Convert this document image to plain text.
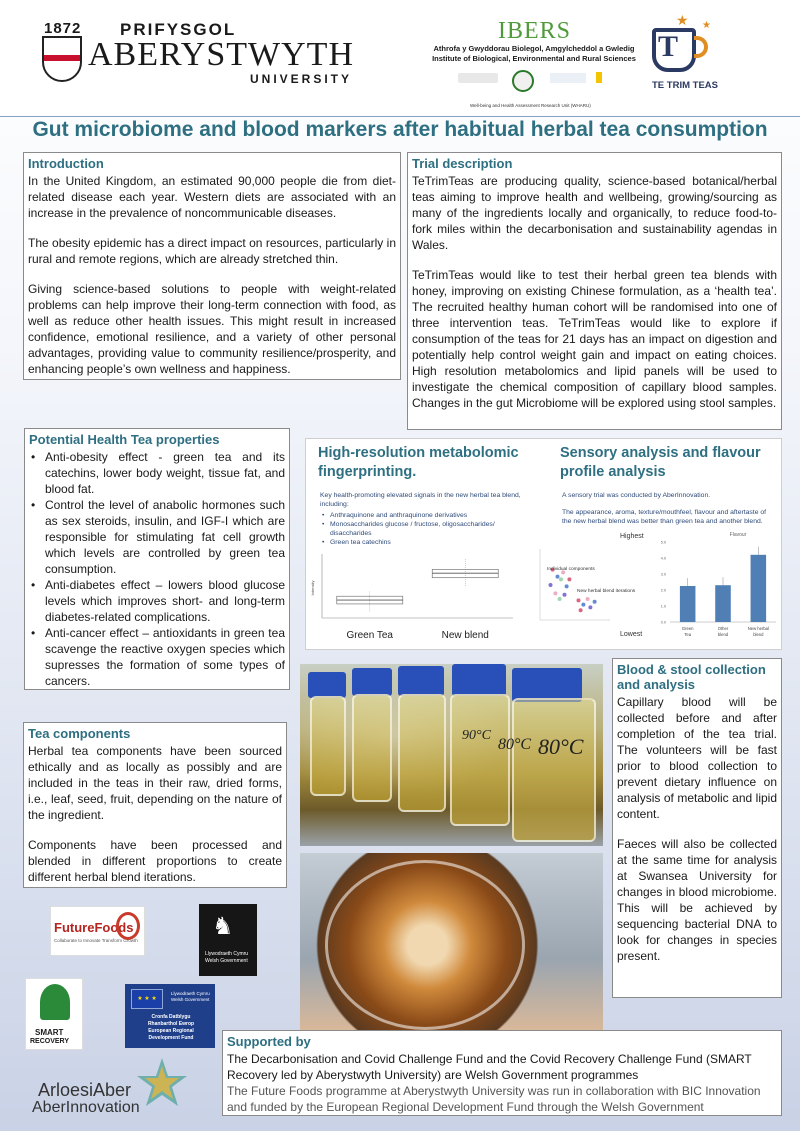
1872 PRIFYSGOL
ABERYSTWYTH
UNIVERSITY
IBERS
Athrofa y Gwyddorau Biolegol, Amgylcheddol a Gwledig
Institute of Biological, Environmental and Rural Sciences
Well-being and Health Assessment Research Unit (WHARU)
T
★ ★
TE TRIM TEAS
Gut microbiome and blood markers after habitual herbal tea consumption
Introduction

In the United Kingdom, an estimated 90,000 people die from diet-related disease each year. Western diets are associated with an increase in the prevalence of noncommunicable diseases.

The obesity epidemic has a direct impact on resources, particularly in rural and remote regions, which are already stretched thin.

Giving science-based solutions to people with weight-related problems can help improve their long-term connection with food, as well as reduce other health issues. This might result in increased confidence, emotional resilience, and a variety of other personal advantages, providing value to community resilience/prosperity, and enhancing people’s own wellness and happiness.

Trial description

TeTrimTeas are producing quality, science-based botanical/herbal teas aiming to improve health and wellbeing, growing/sourcing as many of the ingredients locally and organically, to reduce food-to-fork miles within the decarbonisation and sustainability agendas in Wales.

TeTrimTeas would like to test their herbal green tea blends with honey, improving on existing Chinese formulation, as a ‘health tea’. The recruited healthy human cohort will be randomised into one of three intervention teas. TeTrimTeas would like to explore if consumption of the teas for 21 days has an impact on digestion and potentially help control weight gain and impact on eating choices. High resolution metabolomics and lipid panels will be used to investigate the chemical composition of capillary blood samples. Changes in the gut Microbiome will be explored using stool samples.

Potential Health Tea properties
• Anti-obesity effect - green tea and its catechins, lower body weight, tissue fat, and blood fat.
• Control the level of anabolic hormones such as sex steroids, insulin, and IGF-I which are responsible for stimulating fat cell growth which levels are controlled by green tea consumption.
• Anti-diabetes effect – lowers blood glucose levels which improves short- and long-term diabetes-related complications.
• Anti-cancer effect – antioxidants in green tea scavenge the reactive oxygen species which supresses the formation of some types of cancers.
Tea components

Herbal tea components have been sourced ethically and as locally as possibly and are included in the teas in their raw, dried forms, i.e., leaf, seed, fruit, depending on the nature of the ingredient.

Components have been processed and blended in different proportions to create different herbal blend iterations.

High-resolution metabolomic fingerprinting.
Sensory analysis and flavour profile analysis
Key health-promoting elevated signals in the new herbal tea blend, including:
• Anthraquinone and anthraquinone derivatives
• Monosaccharides glucose / fructose, oligosaccharides/ disaccharides
• Green tea catechins
A sensory trial was conducted by AberInnovation.
The appearance, aroma, texture/mouthfeel, flavour and aftertaste of the new herbal blend was better than green tea and another blend.
Intensity
Green Tea	New blend
Individual components
New herbal blend iterations
Flavour
Highest
Lowest
0.0
1.0
2.0
3.0
4.0
5.0
Green
Tea
Other
blend
New herbal
blend
90°C
80°C 80°C
Blood & stool collection and analysis

Capillary blood will be collected before and after completion of the tea trial. The volunteers will be fast prior to blood collection to prevent dietary influence on analysis of metabolic and lipid content.

Faeces will also be collected at the same time for analysis at Swansea University for changes in blood microbiome. This will be achieved by sequencing bacterial DNA to look for changes in species present.

FutureFoods
Collaborate to Innovate Transform Growth
♞
Llywodraeth Cymru
Welsh Government
SMART
RECOVERY
★ ★ ★
Llywodraeth Cymru
Welsh Government
Cronfa Datblygu
Rhanbarthol Ewrop
European Regional
Development Fund
ArloesiAber
AberInnovation
Supported by

The Decarbonisation and Covid Challenge Fund and the Covid Recovery Challenge Fund (SMART Recovery led by Aberystwyth University) are Welsh Government programmes

The Future Foods programme at Aberystwyth University was run in collaboration with BIC Innovation and funded by the European Regional Development Fund through the Welsh Government
